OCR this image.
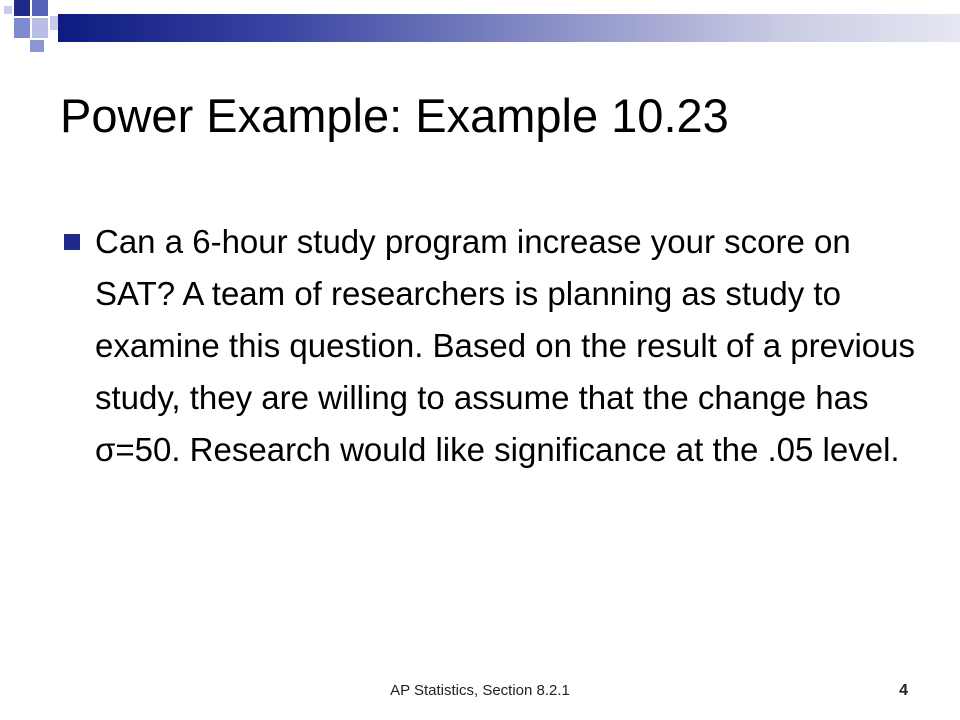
Power Example: Example 10.23
Can a 6-hour study program increase your score on SAT? A team of researchers is planning as study to examine this question. Based on the result of a previous study, they are willing to assume that the change has σ=50. Research would like significance at the .05 level.
AP Statistics, Section 8.2.1	4
